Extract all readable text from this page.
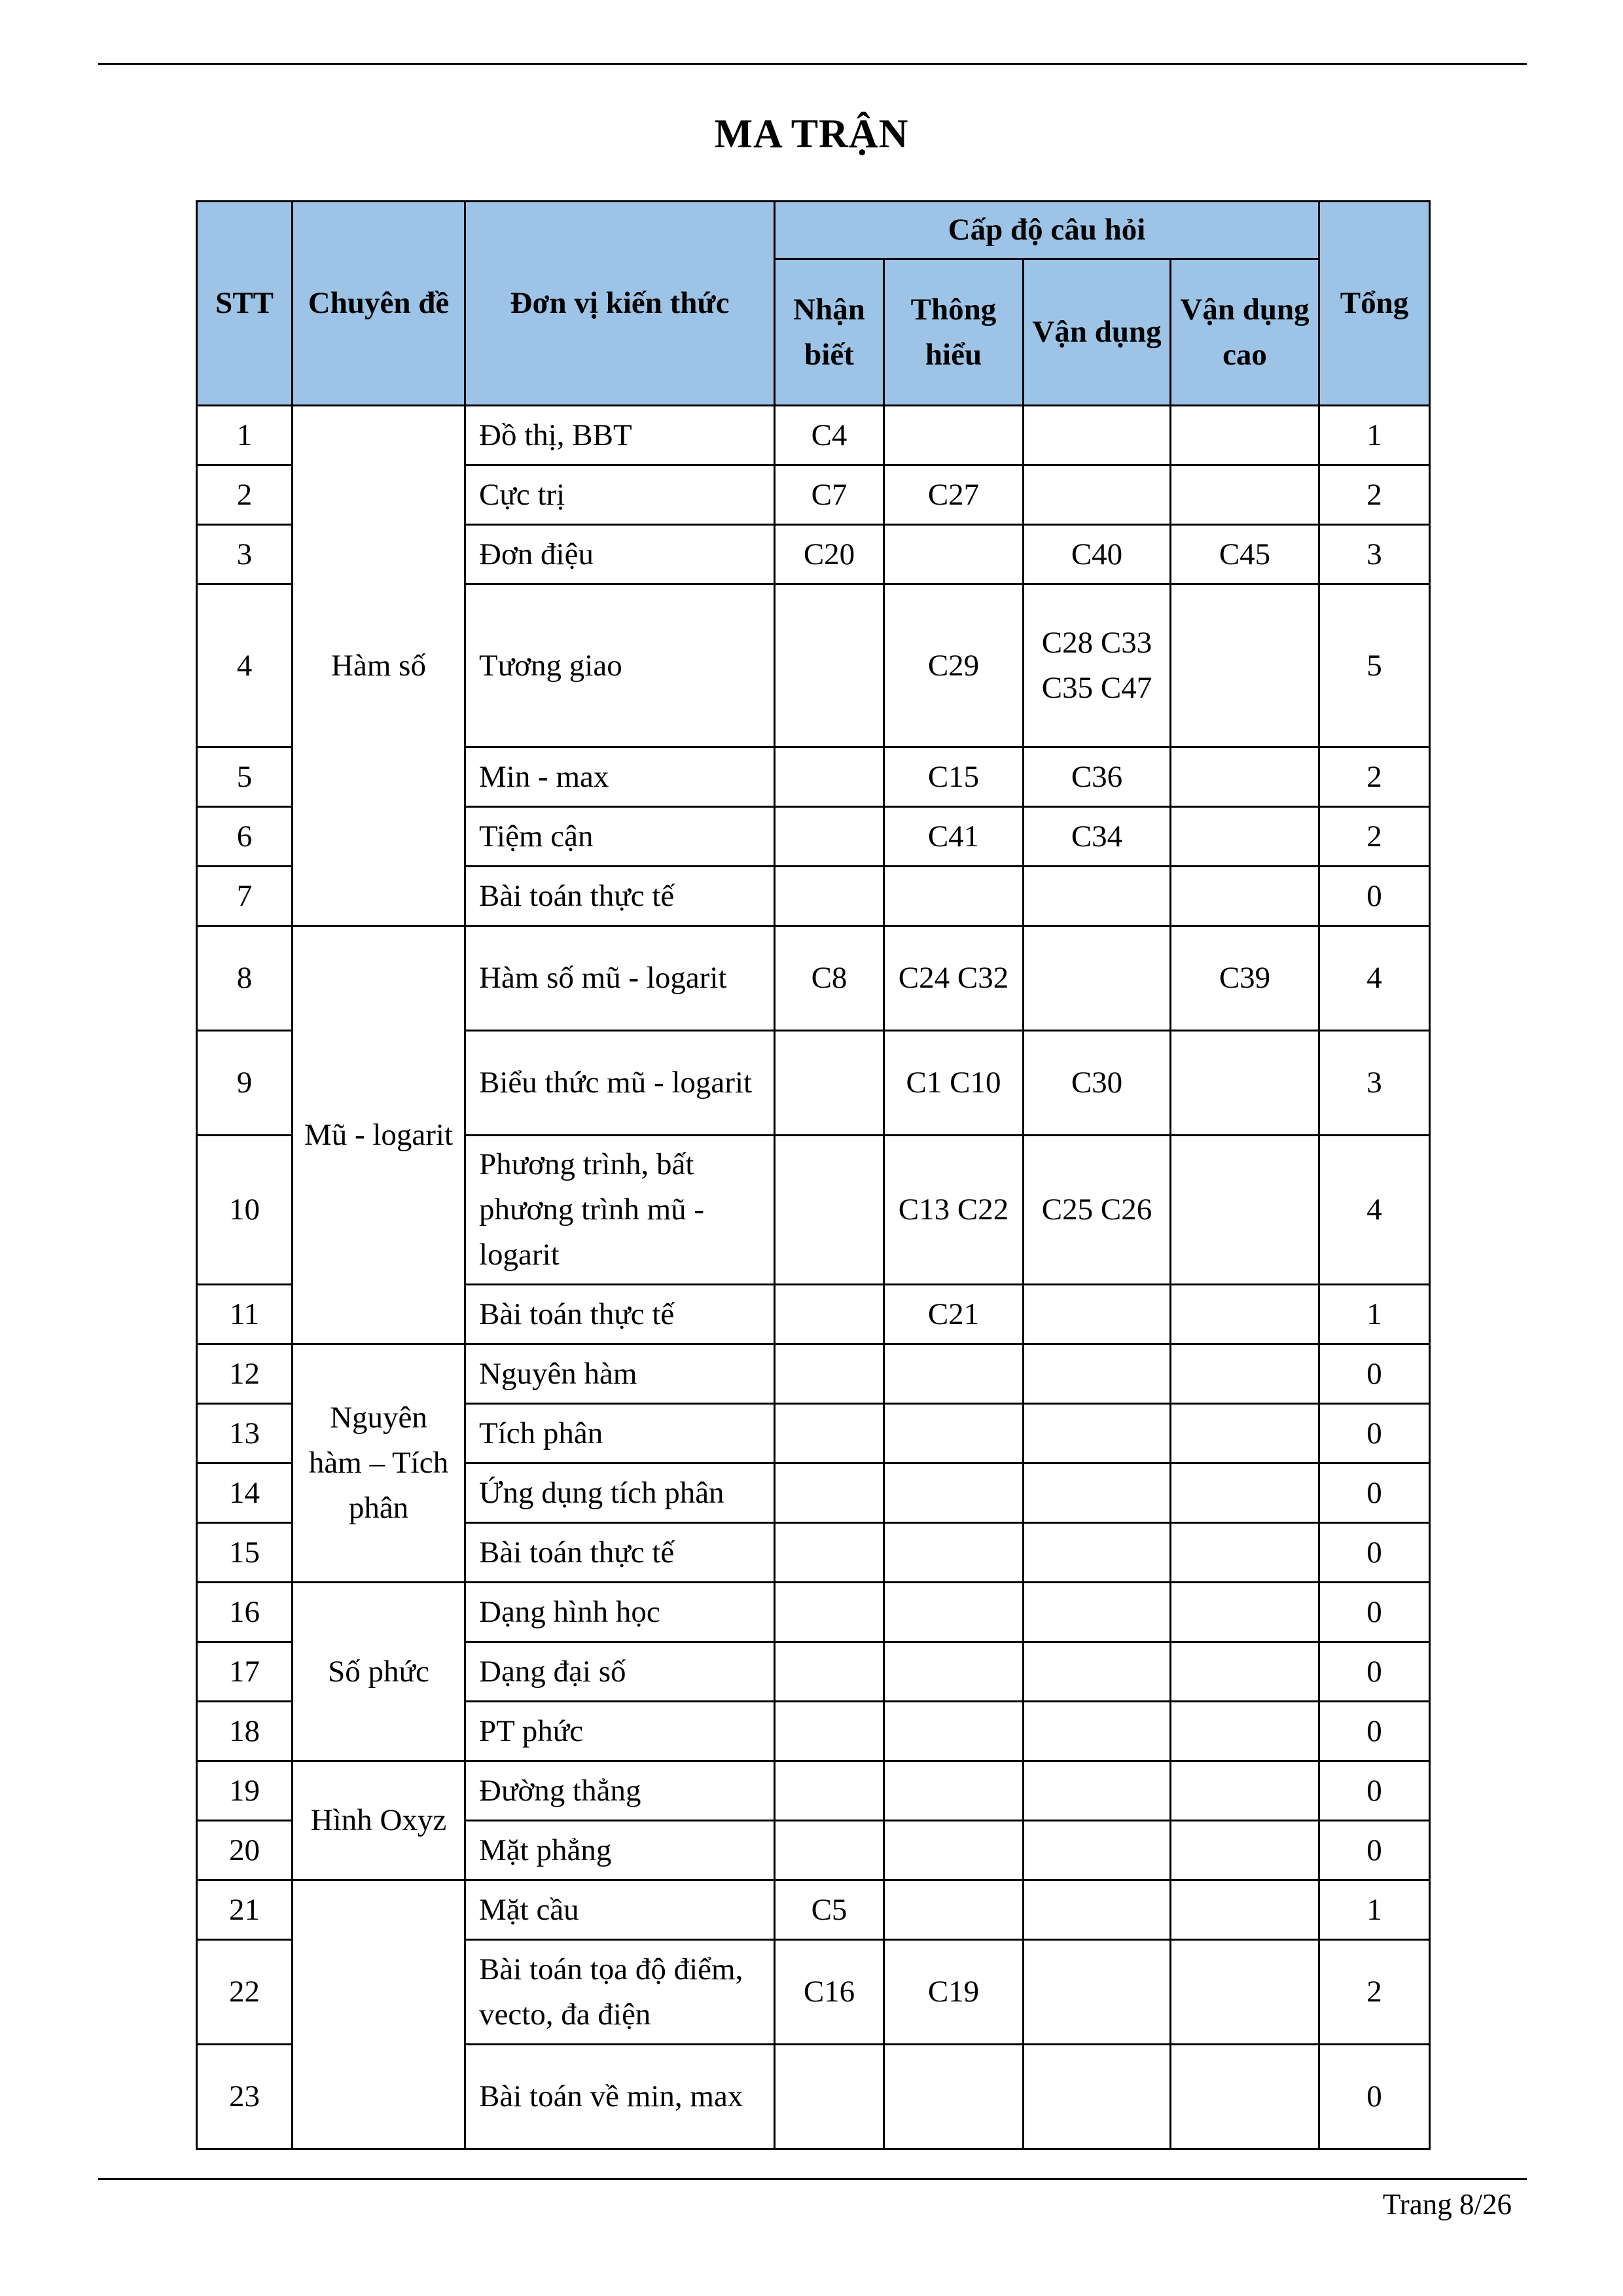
MA TRẬN
STT	Chuyên đề	Đơn vị kiến thức	Cấp độ câu hỏi				Tổng
			Nhận biết	Thông hiểu	Vận dụng	Vận dụng cao	
1	Hàm số	Đồ thị, BBT	C4				1
2		Cực trị	C7	C27			2
3		Đơn điệu	C20		C40	C45	3
4		Tương giao		C29	C28 C33 C35 C47		5
5		Min - max		C15	C36		2
6		Tiệm cận		C41	C34		2
7		Bài toán thực tế					0
8	Mũ - logarit	Hàm số mũ - logarit	C8	C24 C32		C39	4
9		Biểu thức mũ - logarit		C1 C10	C30		3
10		Phương trình, bất phương trình mũ - logarit		C13 C22	C25 C26		4
11		Bài toán thực tế		C21			1
12	Nguyên hàm – Tích phân	Nguyên hàm					0
13		Tích phân					0
14		Ứng dụng tích phân					0
15		Bài toán thực tế					0
16	Số phức	Dạng hình học					0
17		Dạng đại số					0
18		PT phức					0
19	Hình Oxyz	Đường thẳng					0
20		Mặt phẳng					0
21		Mặt cầu	C5				1
22		Bài toán tọa độ điểm, vecto, đa điện	C16	C19			2
23		Bài toán về min, max					0
Trang 8/26
